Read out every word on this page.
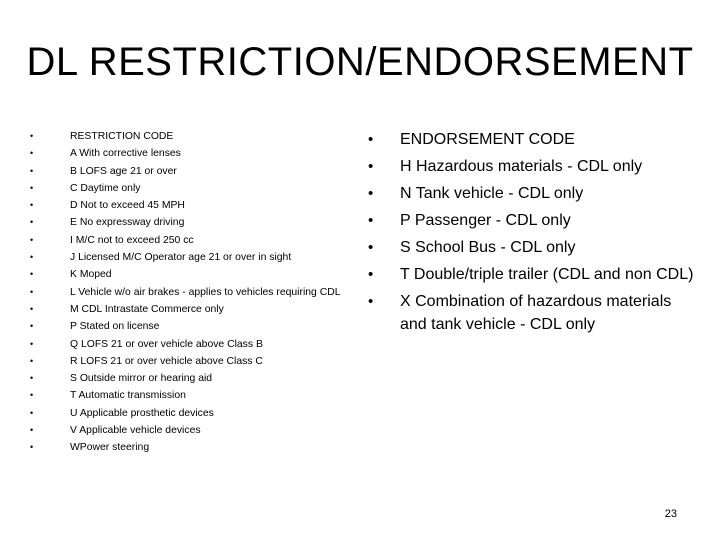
DL RESTRICTION/ENDORSEMENT
•	RESTRICTION CODE
•	A With corrective lenses
•	B LOFS age 21 or over
•	C Daytime only
•	D Not to exceed 45 MPH
•	E No expressway driving
•	I M/C not to exceed 250 cc
•	J Licensed M/C Operator age 21 or over in sight
•	K Moped
•	L Vehicle w/o air brakes - applies to vehicles requiring CDL
•	M CDL Intrastate Commerce only
•	P Stated on license
•	Q LOFS 21 or over vehicle above Class B
•	R LOFS 21 or over vehicle above Class C
•	S Outside mirror or hearing aid
•	T Automatic transmission
•	U Applicable prosthetic devices
•	V Applicable vehicle devices
•	WPower steering
• ENDORSEMENT CODE
• H Hazardous materials - CDL only
• N Tank vehicle - CDL only
• P Passenger - CDL only
• S School Bus - CDL only
• T Double/triple trailer (CDL and non CDL)
• X Combination of hazardous materials and tank vehicle - CDL only
23
